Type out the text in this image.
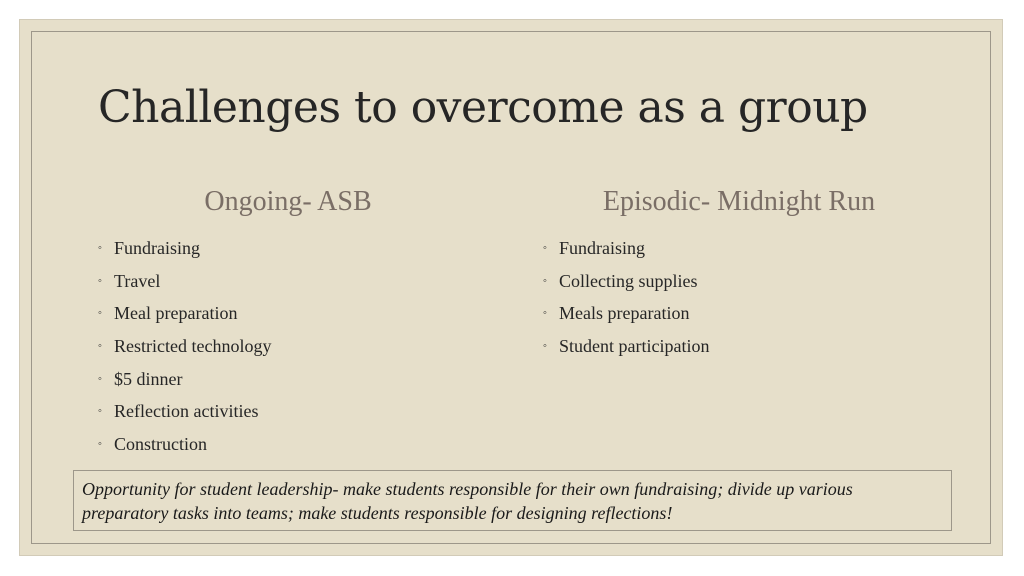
Challenges to overcome as a group
Ongoing- ASB	Episodic- Midnight Run
◦ Fundraising
◦ Travel
◦ Meal preparation
◦ Restricted technology
◦ $5 dinner
◦ Reflection activities
◦ Construction
◦ Fundraising
◦ Collecting supplies
◦ Meals preparation
◦ Student participation
Opportunity for student leadership- make students responsible for their own fundraising; divide up various preparatory tasks into teams; make students responsible for designing reflections!
